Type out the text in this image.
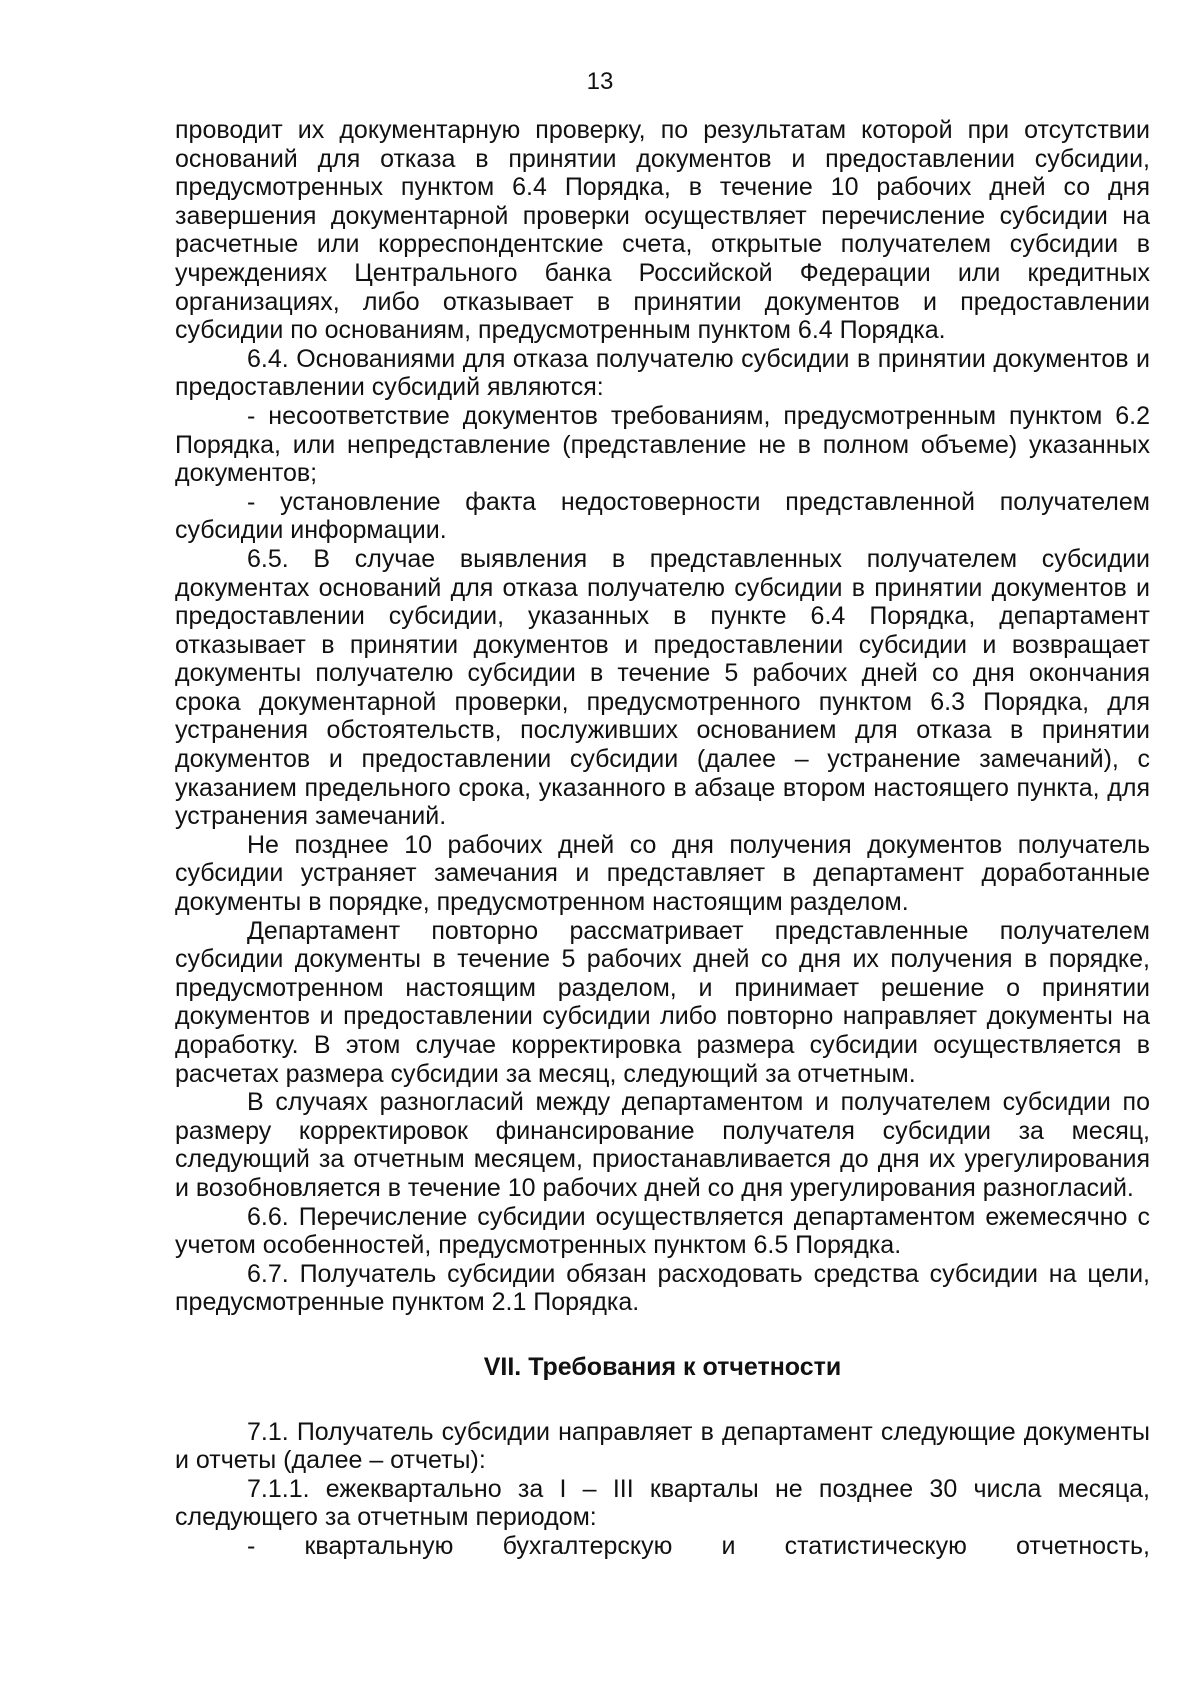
13

проводит их документарную проверку, по результатам которой при отсутствии оснований для отказа в принятии документов и предоставлении субсидии, предусмотренных пунктом 6.4 Порядка, в течение 10 рабочих дней со дня завершения документарной проверки осуществляет перечисление субсидии на расчетные или корреспондентские счета, открытые получателем субсидии в учреждениях Центрального банка Российской Федерации или кредитных организациях, либо отказывает в принятии документов и предоставлении субсидии по основаниям, предусмотренным пунктом 6.4 Порядка.

6.4. Основаниями для отказа получателю субсидии в принятии документов и предоставлении субсидий являются:

- несоответствие документов требованиям, предусмотренным пунктом 6.2 Порядка, или непредставление (представление не в полном объеме) указанных документов;

- установление факта недостоверности представленной получателем субсидии информации.

6.5. В случае выявления в представленных получателем субсидии документах оснований для отказа получателю субсидии в принятии документов и предоставлении субсидии, указанных в пункте 6.4 Порядка, департамент отказывает в принятии документов и предоставлении субсидии и возвращает документы получателю субсидии в течение 5 рабочих дней со дня окончания срока документарной проверки, предусмотренного пунктом 6.3 Порядка, для устранения обстоятельств, послуживших основанием для отказа в принятии документов и предоставлении субсидии (далее – устранение замечаний), с указанием предельного срока, указанного в абзаце втором настоящего пункта, для устранения замечаний.

Не позднее 10 рабочих дней со дня получения документов получатель субсидии устраняет замечания и представляет в департамент доработанные документы в порядке, предусмотренном настоящим разделом.

Департамент повторно рассматривает представленные получателем субсидии документы в течение 5 рабочих дней со дня их получения в порядке, предусмотренном настоящим разделом, и принимает решение о принятии документов и предоставлении субсидии либо повторно направляет документы на доработку. В этом случае корректировка размера субсидии осуществляется в расчетах размера субсидии за месяц, следующий за отчетным.

В случаях разногласий между департаментом и получателем субсидии по размеру корректировок финансирование получателя субсидии за месяц, следующий за отчетным месяцем, приостанавливается до дня их урегулирования и возобновляется в течение 10 рабочих дней со дня урегулирования разногласий.

6.6. Перечисление субсидии осуществляется департаментом ежемесячно с учетом особенностей, предусмотренных пунктом 6.5 Порядка.

6.7. Получатель субсидии обязан расходовать средства субсидии на цели, предусмотренные пунктом 2.1 Порядка.

VII. Требования к отчетности

7.1. Получатель субсидии направляет в департамент следующие документы и отчеты (далее – отчеты):

7.1.1. ежеквартально за I – III кварталы не позднее 30 числа месяца, следующего за отчетным периодом:

- квартальную бухгалтерскую и статистическую отчетность,
